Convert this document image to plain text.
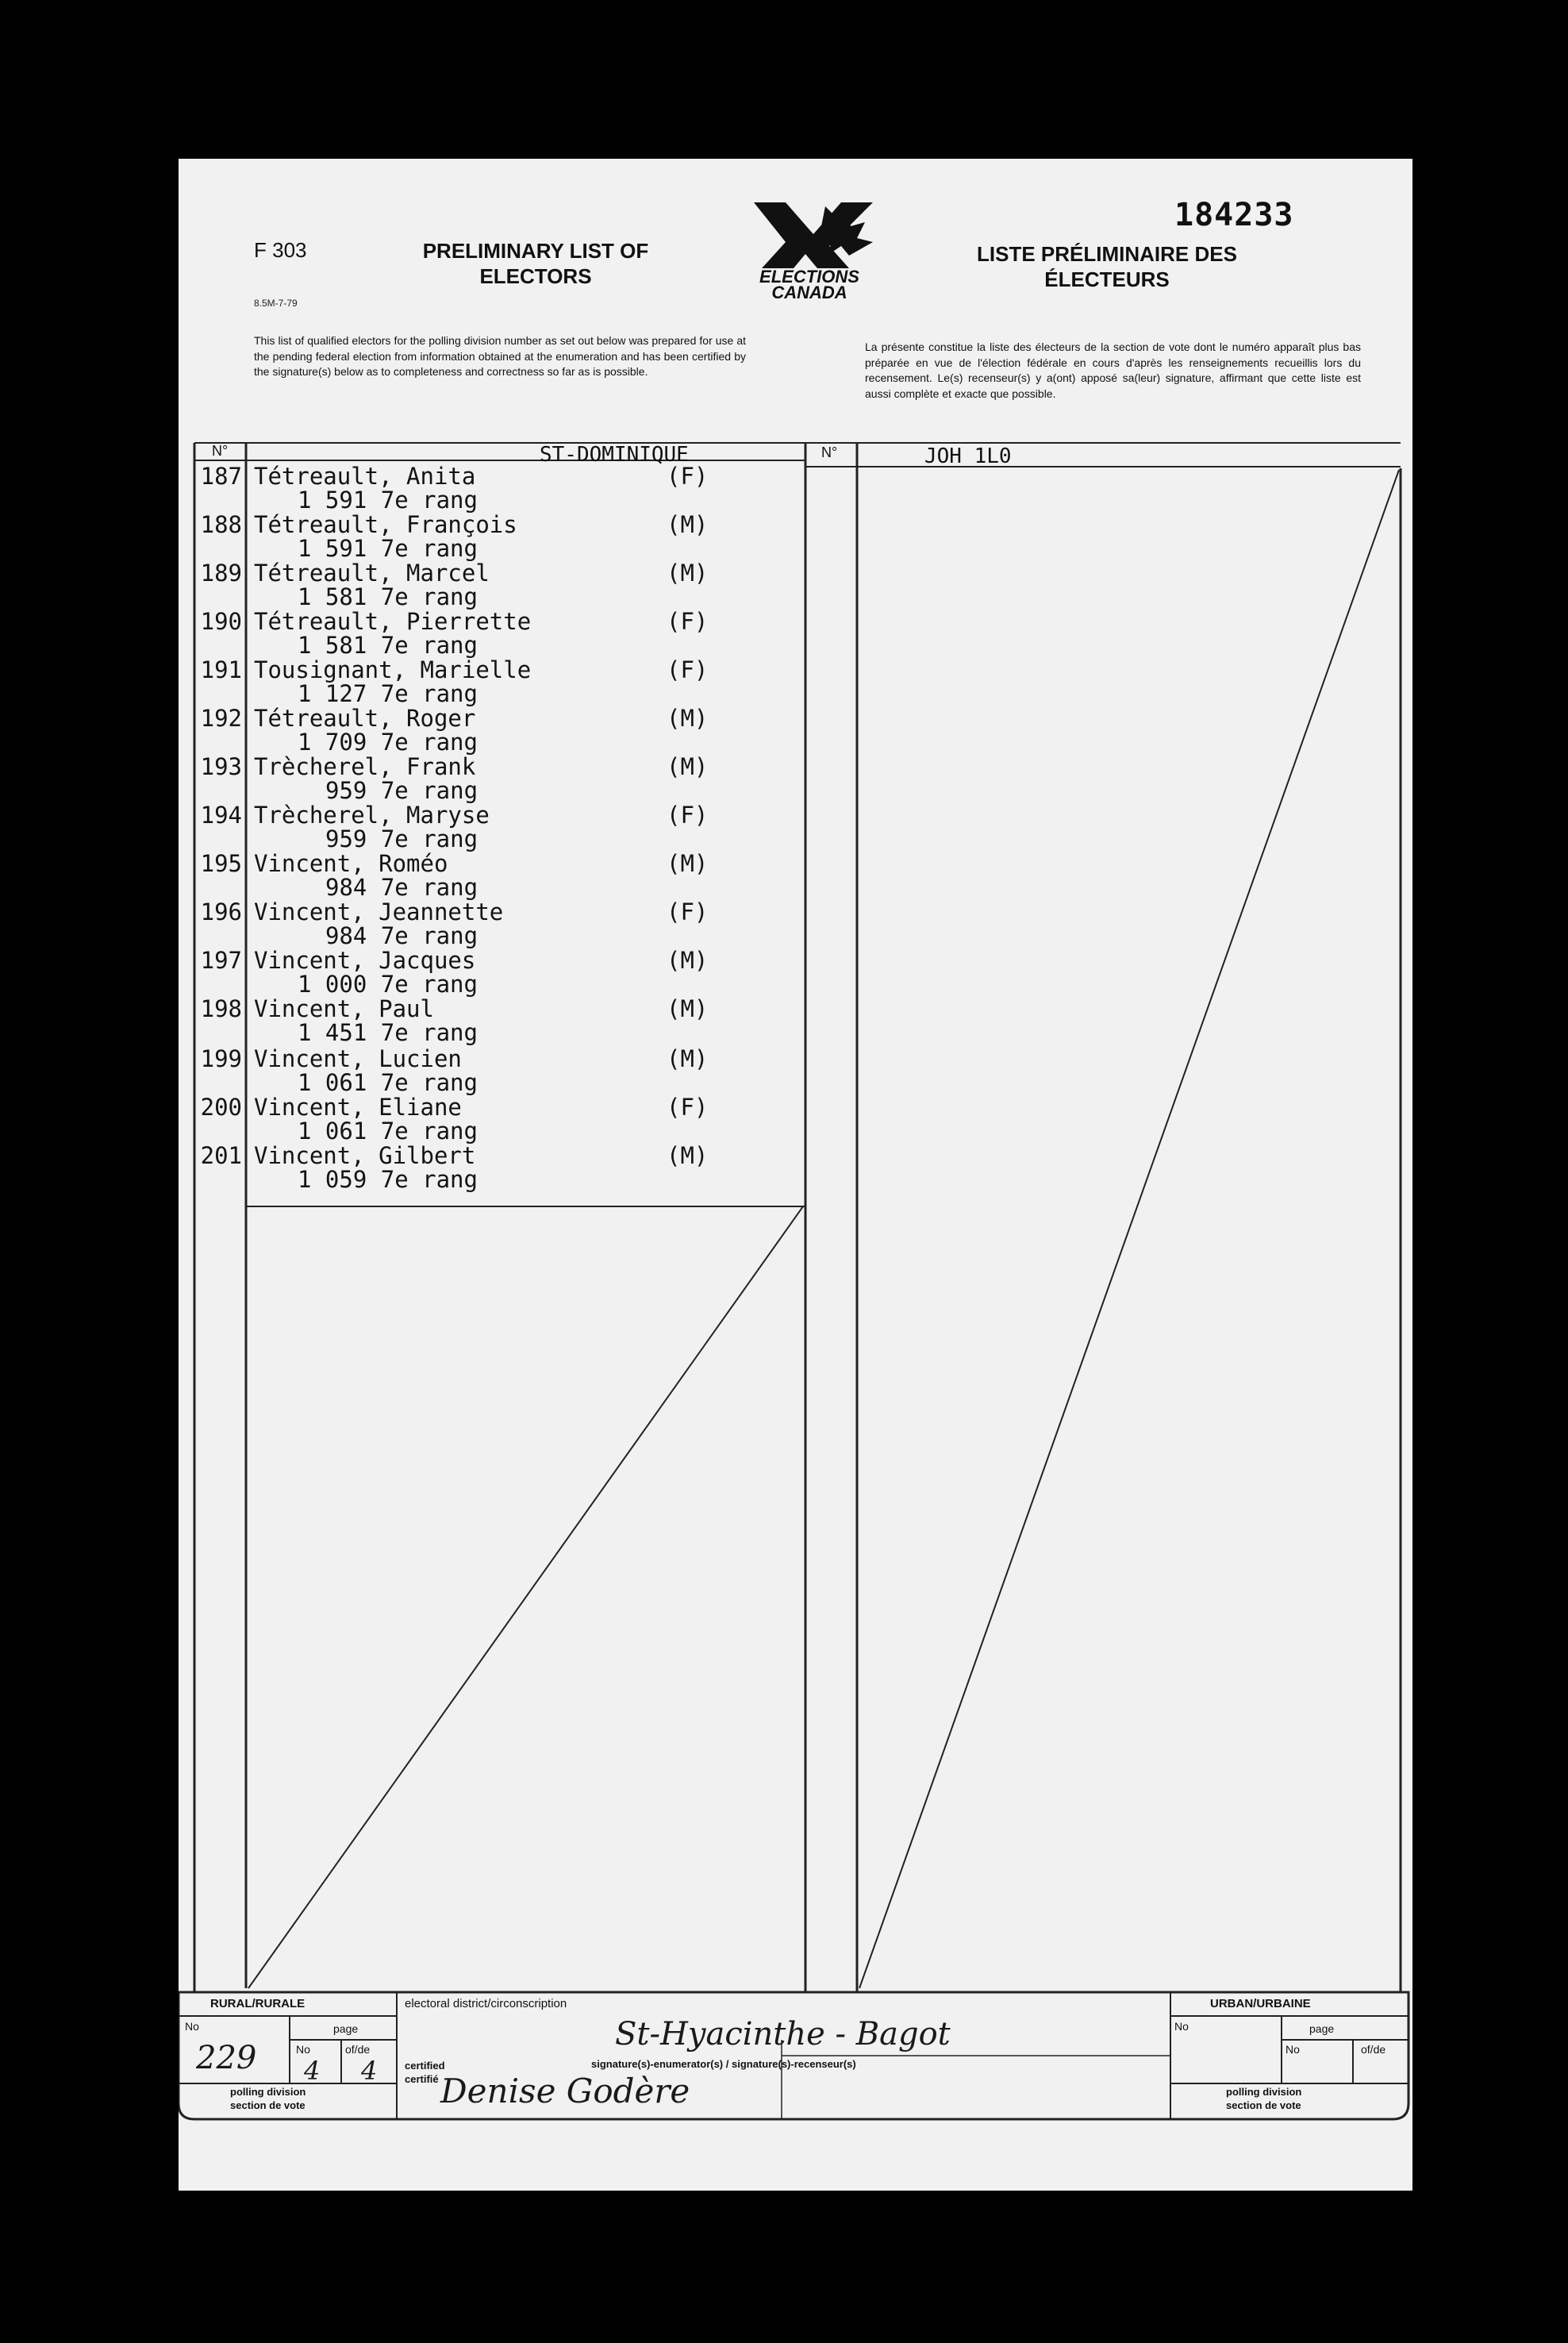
F 303
8.5M-7-79
PRELIMINARY LIST OF
ELECTORS	ELECTIONS
CANADA
184233
LISTE PRÉLIMINAIRE DES
ÉLECTEURS
This list of qualified electors for the polling division number as set out below was prepared for use at the pending federal election from information obtained at the enumeration and has been certified by the signature(s) below as to completeness and correctness so far as is possible.
La présente constitue la liste des électeurs de la section de vote dont le numéro apparaît plus bas préparée en vue de l'élection fédérale en cours d'après les renseignements recueillis lors du recensement. Le(s) recenseur(s) y a(ont) apposé sa(leur) signature, affirmant que cette liste est aussi complète et exacte que possible.
N°	ST-DOMINIQUE	N°	JOH 1L0
187 Tétreault, Anita	(F)
1 591 7e rang
188 Tétreault, François	(M)
1 591 7e rang
189 Tétreault, Marcel	(M)
1 581 7e rang
190 Tétreault, Pierrette	(F)
1 581 7e rang
191 Tousignant, Marielle	(F)
1 127 7e rang
192 Tétreault, Roger	(M)
1 709 7e rang
193 Trècherel, Frank	(M)
959 7e rang
194 Trècherel, Maryse	(F)
959 7e rang
195 Vincent, Roméo	(M)
984 7e rang
196 Vincent, Jeannette	(F)
984 7e rang
197 Vincent, Jacques	(M)
1 000 7e rang
198 Vincent, Paul	(M)
1 451 7e rang
199 Vincent, Lucien	(M)
1 061 7e rang
200 Vincent, Eliane	(F)
1 061 7e rang
201 Vincent, Gilbert	(M)
1 059 7e rang
RURAL/RURALE
No	page
No	of/de
229 4 4
polling division
section de vote
electoral district/circonscription
St-Hyacinthe - Bagot
signature(s)-enumerator(s) / signature(s)-recenseur(s)
certified
certifié Denise Godère
URBAN/URBAINE
No	page
No	of/de
polling division
section de vote
